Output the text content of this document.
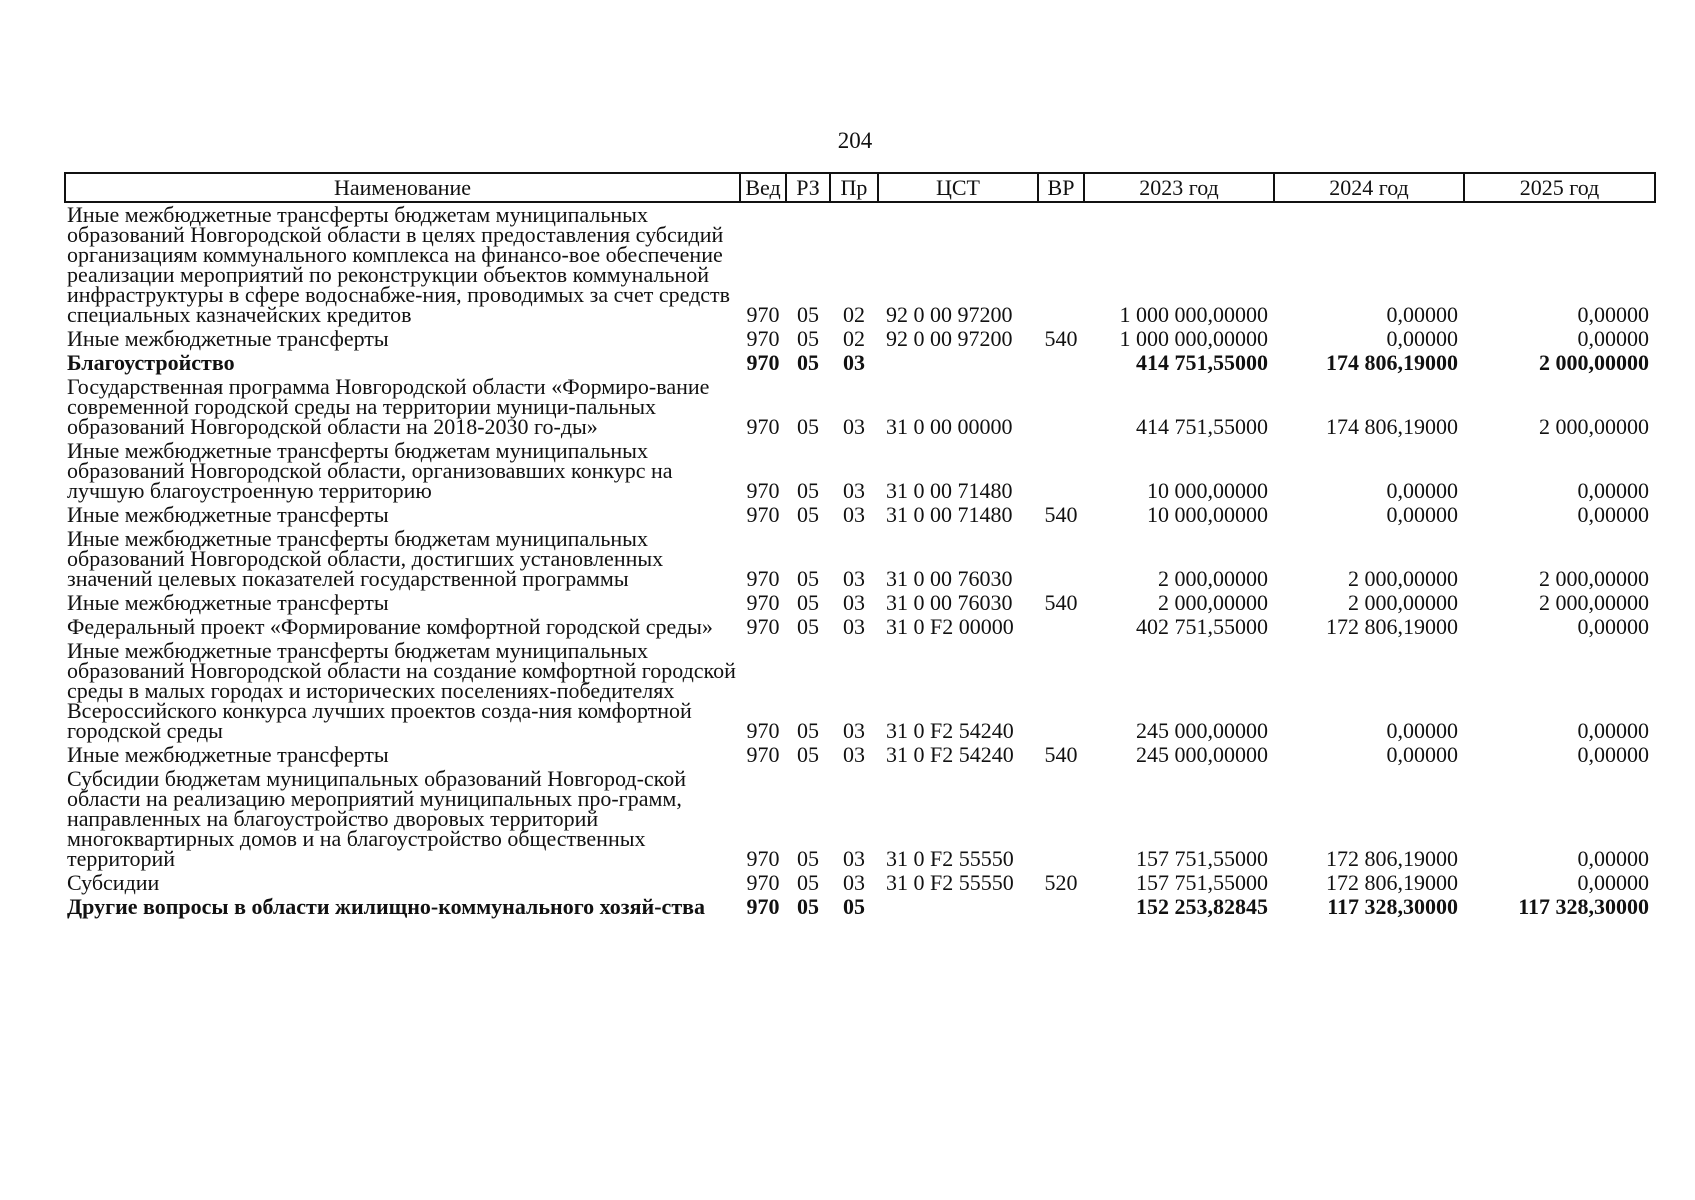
204
Наименование	Вед	РЗ	Пр	ЦСТ	ВР	2023 год	2024 год	2025 год
Иные межбюджетные трансферты бюджетам муниципальных образований Новгородской области в целях предоставления субсидий организациям коммунального комплекса на финансо-вое обеспечение реализации мероприятий по реконструкции объектов коммунальной инфраструктуры в сфере водоснабже-ния, проводимых за счет средств специальных казначейских кредитов	970	05	02	92 0 00 97200		1 000 000,00000	0,00000	0,00000
Иные межбюджетные трансферты	970	05	02	92 0 00 97200	540	1 000 000,00000	0,00000	0,00000
Благоустройство	970	05	03			414 751,55000	174 806,19000	2 000,00000
Государственная программа Новгородской области «Формиро-вание современной городской среды на территории муници-пальных образований Новгородской области на 2018-2030 го-ды»	970	05	03	31 0 00 00000		414 751,55000	174 806,19000	2 000,00000
Иные межбюджетные трансферты бюджетам муниципальных образований Новгородской области, организовавших конкурс на лучшую благоустроенную территорию	970	05	03	31 0 00 71480		10 000,00000	0,00000	0,00000
Иные межбюджетные трансферты	970	05	03	31 0 00 71480	540	10 000,00000	0,00000	0,00000
Иные межбюджетные трансферты бюджетам муниципальных образований Новгородской области, достигших установленных значений целевых показателей государственной программы	970	05	03	31 0 00 76030		2 000,00000	2 000,00000	2 000,00000
Иные межбюджетные трансферты	970	05	03	31 0 00 76030	540	2 000,00000	2 000,00000	2 000,00000
Федеральный проект «Формирование комфортной городской среды»	970	05	03	31 0 F2 00000		402 751,55000	172 806,19000	0,00000
Иные межбюджетные трансферты бюджетам муниципальных образований Новгородской области на создание комфортной городской среды в малых городах и исторических поселениях-победителях Всероссийского конкурса лучших проектов созда-ния комфортной городской среды	970	05	03	31 0 F2 54240		245 000,00000	0,00000	0,00000
Иные межбюджетные трансферты	970	05	03	31 0 F2 54240	540	245 000,00000	0,00000	0,00000
Субсидии бюджетам муниципальных образований Новгород-ской области на реализацию мероприятий муниципальных про-грамм, направленных на благоустройство дворовых территорий многоквартирных домов и на благоустройство общественных территорий	970	05	03	31 0 F2 55550		157 751,55000	172 806,19000	0,00000
Субсидии	970	05	03	31 0 F2 55550	520	157 751,55000	172 806,19000	0,00000
Другие вопросы в области жилищно-коммунального хозяй-ства	970	05	05			152 253,82845	117 328,30000	117 328,30000
